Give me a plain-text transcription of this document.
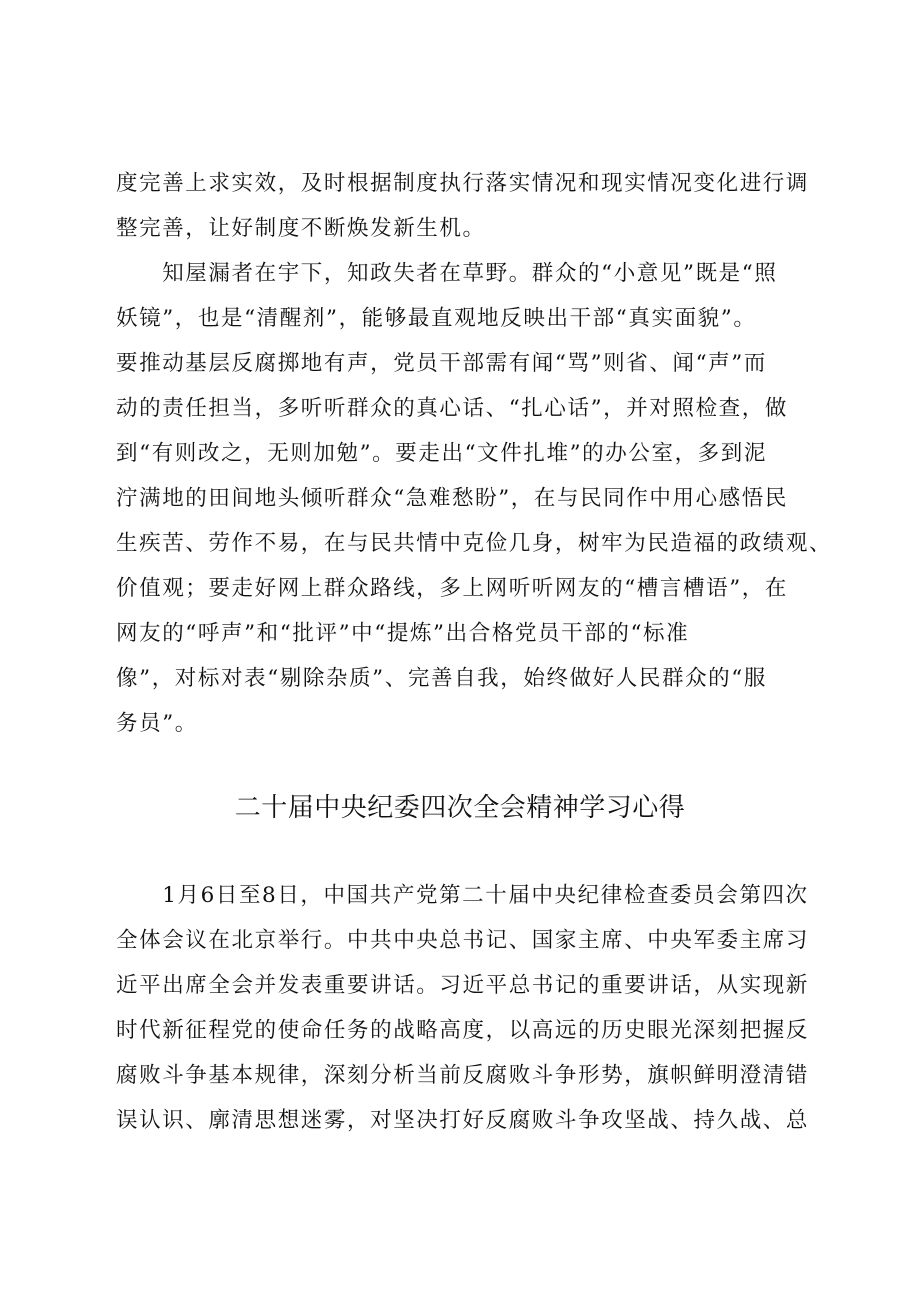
度完善上求实效，及时根据制度执行落实情况和现实情况变化进行调
整完善，让好制度不断焕发新生机。
　　知屋漏者在宇下，知政失者在草野。群众的“小意见”既是“照
妖镜”，也是“清醒剂”，能够最直观地反映出干部“真实面貌”。
要推动基层反腐掷地有声，党员干部需有闻“骂”则省、闻“声”而
动的责任担当，多听听群众的真心话、“扎心话”，并对照检查，做
到“有则改之，无则加勉”。要走出“文件扎堆”的办公室，多到泥
泞满地的田间地头倾听群众“急难愁盼”，在与民同作中用心感悟民
生疾苦、劳作不易，在与民共情中克俭几身，树牢为民造福的政绩观、
价值观；要走好网上群众路线，多上网听听网友的“槽言槽语”，在
网友的“呼声”和“批评”中“提炼”出合格党员干部的“标准
像”，对标对表“剔除杂质”、完善自我，始终做好人民群众的“服
务员”。
二十届中央纪委四次全会精神学习心得
　　1月6日至8日，中国共产党第二十届中央纪律检查委员会第四次
全体会议在北京举行。中共中央总书记、国家主席、中央军委主席习
近平出席全会并发表重要讲话。习近平总书记的重要讲话，从实现新
时代新征程党的使命任务的战略高度，以高远的历史眼光深刻把握反
腐败斗争基本规律，深刻分析当前反腐败斗争形势，旗帜鲜明澄清错
误认识、廓清思想迷雾，对坚决打好反腐败斗争攻坚战、持久战、总
